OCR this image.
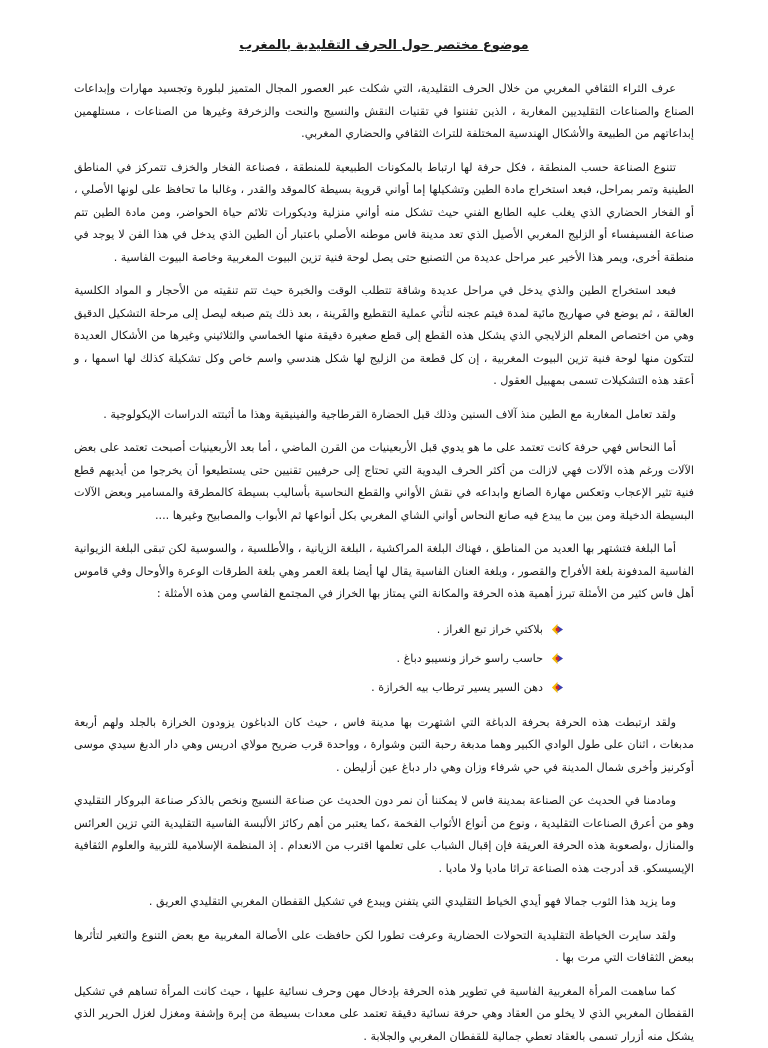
موضوع مختصر حول الحرف التقليدية بالمغرب

عرف الثراء الثقافي المغربي من خلال الحرف التقليدية، التي شكلت عبر العصور المجال المتميز لبلورة وتجسيد مهارات وإبداعات الصناع والصناعات التقليديين المغاربة ، الذين تفننوا في تقنيات النقش والنسيج والنحت والزخرفة وغيرها من الصناعات ، مستلهمين إبداعاتهم من الطبيعة والأشكال الهندسية المختلفة للتراث الثقافي والحضاري المغربي.

تتنوع الصناعة حسب المنطقة ، فكل حرفة لها ارتباط بالمكونات الطبيعية للمنطقة ، فصناعة الفخار والخزف تتمركز في المناطق الطينية وتمر بمراحل، فبعد استخراج مادة الطين وتشكيلها إما أواني قروية بسيطة كالموقد والقدر ، وغالبا ما تحافظ على لونها الأصلي ، أو الفخار الحضاري الذي يغلب عليه الطابع الفني حيث تشكل منه أواني منزلية وديكورات تلائم حياة الحواضر، ومن مادة الطين تتم صناعة الفسيفساء أو الزليج المغربي الأصيل الذي تعد مدينة فاس موطنه الأصلي باعتبار أن الطين الذي يدخل في هذا الفن لا يوجد في منطقة أخرى، ويمر هذا الأخير عبر مراحل عديدة من التصنيع حتى يصل لوحة فنية تزين البيوت المغربية وخاصة البيوت الفاسية .

فبعد استخراج الطين والذي يدخل في مراحل عديدة وشاقة تتطلب الوقت والخبرة حيث تتم تنقيته من الأحجار و المواد الكلسية العالقة ، ثم يوضع في صهاريج مائية لمدة فيتم عجنه لتأتي عملية التقطيع والفَرينة ، بعد ذلك يتم صبغه ليصل إلى مرحلة التشكيل الدقيق وهي من اختصاص المعلم الزلايجي الذي يشكل هذه القطع إلى قطع صغيرة دقيقة منها الخماسي والثلاثيني وغيرها من الأشكال العديدة لتتكون منها لوحة فنية تزين البيوت المغربية ، إن كل قطعة من الزليج لها شكل هندسي واسم خاص وكل تشكيلة كذلك لها اسمها ، و أعقد هذه التشكيلات تسمى بمهبيل العقول .

ولقد تعامل المغاربة مع الطين منذ آلاف السنين وذلك قبل الحضارة القرطاجية والفينيقية وهذا ما أثبتته الدراسات الإيكولوجية .

أما النحاس فهي حرفة كانت تعتمد على ما هو يدوي قبل الأربعينيات من القرن الماضي ، أما بعد الأربعينيات أصبحت تعتمد على بعض الآلات ورغم هذه الآلات فهي لازالت من أكثر الحرف اليدوية التي تحتاج إلى حرفيين تقنيين حتى يستطيعوا أن يخرجوا من أيديهم قطع فنية تثير الإعجاب وتعكس مهارة الصانع وابداعه في نقش الأواني والقطع النحاسية بأساليب بسيطة كالمطرقة والمسامير وبعض الآلات البسيطة الدخيلة ومن بين ما يبدع فيه صانع النحاس أواني الشاي المغربي بكل أنواعها ثم الأبواب والمصابيح وغيرها ....

أما البلغة فتشتهر بها العديد من المناطق ، فهناك البلغة المراكشية ، البلغة الزيانية ، والأطلسية ، والسوسية لكن تبقى البلغة الزيوانية الفاسية المدفونة بلغة الأفراح والقصور ، وبلغة العنان الفاسية يقال لها أيضا بلغة العمر وهي بلغة الطرقات الوعرة والأوحال وفي قاموس أهل فاس كثير من الأمثلة تبرز أهمية هذه الحرفة والمكانة التي يمتاز بها الخراز في المجتمع الفاسي ومن هذه الأمثلة :

بلاكتي خراز تبع الغراز .
حاسب راسو خراز ونسيبو دباغ .
دهن السير يسير ترطاب بيه الخرازة .

ولقد ارتبطت هذه الحرفة بحرفة الدباغة التي اشتهرت بها مدينة فاس ، حيث كان الدباغون يزودون الخرازة بالجلد ولهم أربعة مدبغات ، اثنان على طول الوادي الكبير وهما مدبغة رحبة التبن وشوارة ، وواحدة قرب ضريح مولاي ادريس وهي دار الدبغ سيدي موسى أوكرنيز وأخرى شمال المدينة في حي شرفاء وزان وهي دار دباغ عين أزليطن .

ومادمنا في الحديث عن الصناعة بمدينة فاس لا يمكننا أن نمر دون الحديث عن صناعة النسيج ونخص بالذكر صناعة البروكار التقليدي وهو من أعرق الصناعات التقليدية ، ونوع من أنواع الأثواب الفخمة ،كما يعتبر من أهم ركائز الألبسة الفاسية التقليدية التي تزين العرائس والمنازل ،ولصعوبة هذه الحرفة العريقة فإن إقبال الشباب على تعلمها اقترب من الانعدام . إذ المنظمة الإسلامية للتربية والعلوم الثقافية الإيسيسكو. قد أدرجت هذه الصناعة تراثا ماديا ولا ماديا .

وما يزيد هذا الثوب جمالا فهو أيدي الخياط التقليدي التي يتفنن ويبدع في تشكيل القفطان المغربي التقليدي العريق .

ولقد سايرت الخياطة التقليدية التحولات الحضارية وعرفت تطورا لكن حافظت على الأصالة المغربية مع بعض التنوع والتغير لتأثرها ببعض الثقافات التي مرت بها .

كما ساهمت المرأة المغربية الفاسية في تطوير هذه الحرفة بإدخال مهن وحرف نسائية عليها ، حيث كانت المرأة تساهم في تشكيل القفطان المغربي الذي لا يخلو من العقاد وهي حرفة نسائية دقيقة تعتمد على معدات بسيطة من إبرة وإشفة ومغزل لغزل الحرير الذي يشكل منه أزرار تسمى بالعقاد تعطي جمالية للقفطان المغربي والجلابة .
